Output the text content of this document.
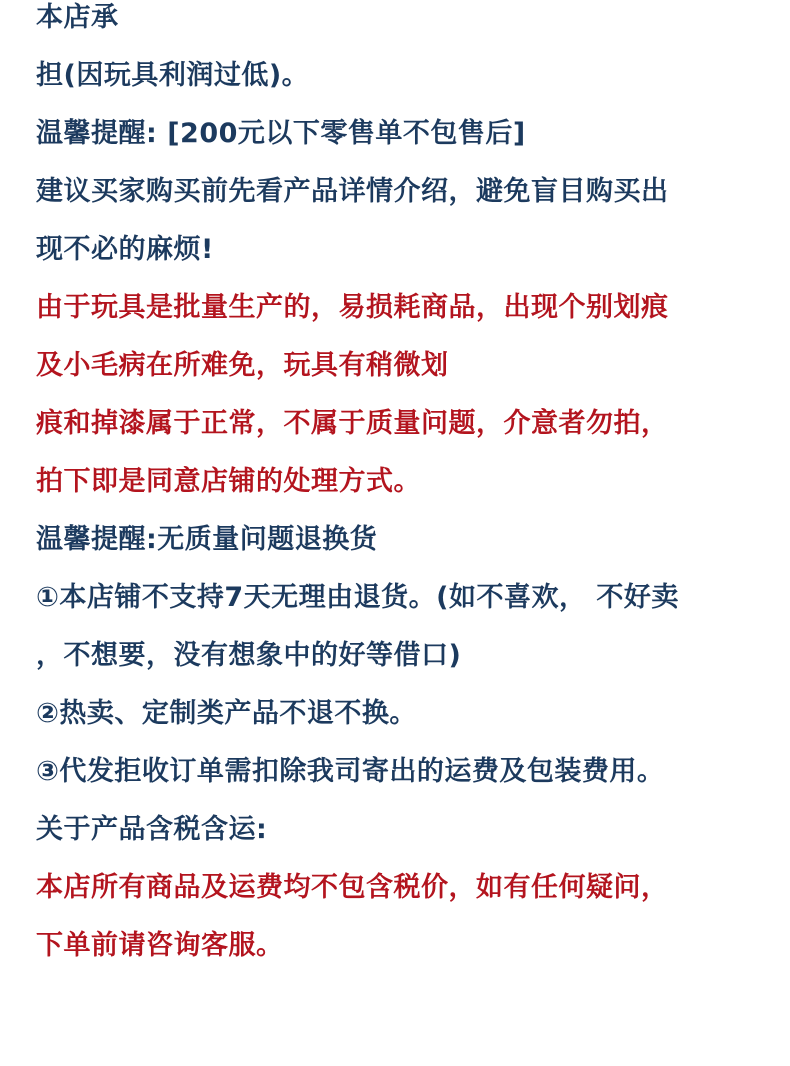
本店承
担(因玩具利润过低)。
温馨提醒: [200元以下零售单不包售后]
建议买家购买前先看产品详情介绍，避免盲目购买出
现不必的麻烦!
由于玩具是批量生产的，易损耗商品，出现个别划痕
及小毛病在所难免，玩具有稍微划
痕和掉漆属于正常，不属于质量问题，介意者勿拍，
拍下即是同意店铺的处理方式。
温馨提醒:无质量问题退换货
①本店铺不支持7天无理由退货。(如不喜欢， 不好卖
，不想要，没有想象中的好等借口)
②热卖、定制类产品不退不换。
③代发拒收订单需扣除我司寄出的运费及包装费用。
关于产品含税含运:
本店所有商品及运费均不包含税价，如有任何疑问，
下单前请咨询客服。
